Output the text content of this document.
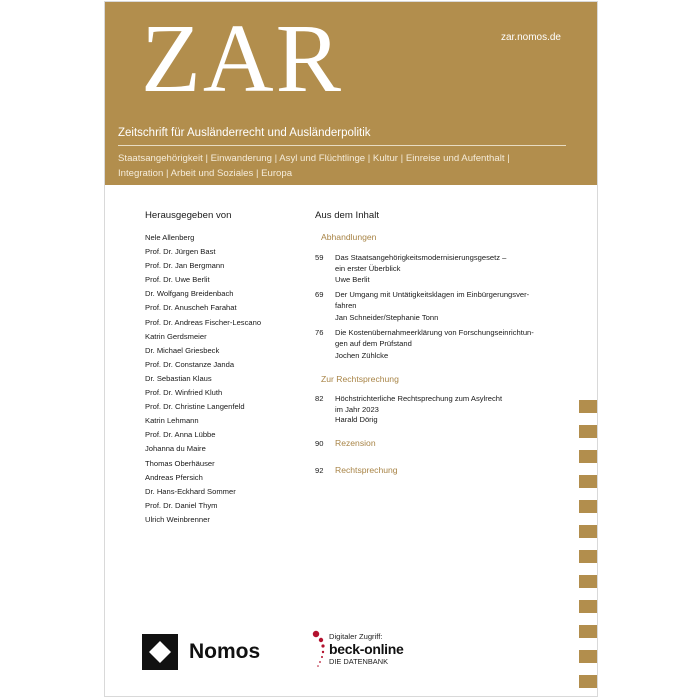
ZAR	zar.nomos.de
Zeitschrift für Ausländerrecht und Ausländerpolitik
Staatsangehörigkeit | Einwanderung | Asyl und Flüchtlinge | Kultur | Einreise und Aufenthalt |
Integration | Arbeit und Soziales | Europa
Herausgegeben von
Nele Allenberg
Prof. Dr. Jürgen Bast
Prof. Dr. Jan Bergmann
Prof. Dr. Uwe Berlit
Dr. Wolfgang Breidenbach
Prof. Dr. Anuscheh Farahat
Prof. Dr. Andreas Fischer-Lescano
Katrin Gerdsmeier
Dr. Michael Griesbeck
Prof. Dr. Constanze Janda
Dr. Sebastian Klaus
Prof. Dr. Winfried Kluth
Prof. Dr. Christine Langenfeld
Katrin Lehmann
Prof. Dr. Anna Lübbe
Johanna du Maire
Thomas Oberhäuser
Andreas Pfersich
Dr. Hans-Eckhard Sommer
Prof. Dr. Daniel Thym
Ulrich Weinbrenner
Aus dem Inhalt
Abhandlungen
59 Das Staatsangehörigkeitsmodernisierungsgesetz –
ein erster Überblick
Uwe Berlit
69 Der Umgang mit Untätigkeitsklagen im Einbürgerungsver-
fahren
Jan Schneider/Stephanie Tonn
76 Die Kostenübernahmeerklärung von Forschungseinrichtun-
gen auf dem Prüfstand
Jochen Zühlcke
Zur Rechtsprechung
82 Höchstrichterliche Rechtsprechung zum Asylrecht
im Jahr 2023
Harald Dörig
90 Rezension
92 Rechtsprechung
Nomos
Digitaler Zugriff:
beck-online
DIE DATENBANK
